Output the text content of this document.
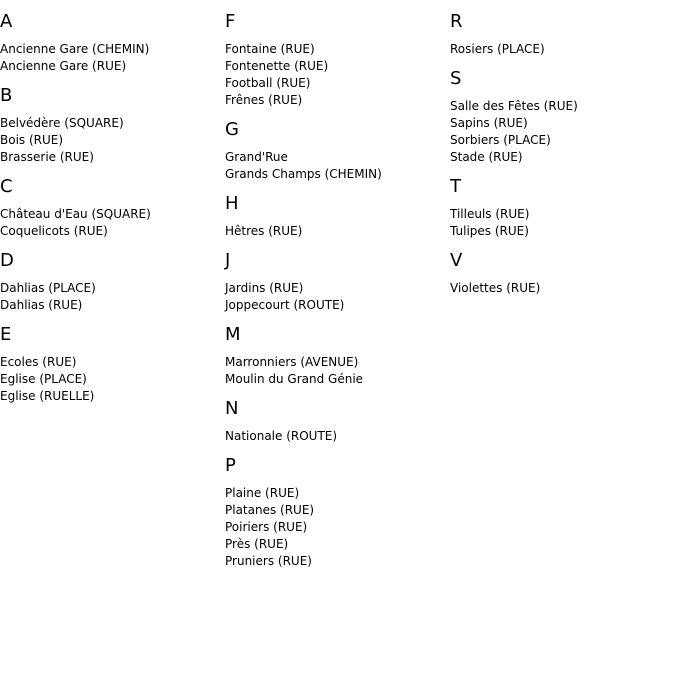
A
Ancienne Gare (CHEMIN)
Ancienne Gare (RUE)
B
Belvédère (SQUARE)
Bois (RUE)
Brasserie (RUE)
C
Château d'Eau (SQUARE)
Coquelicots (RUE)
D
Dahlias (PLACE)
Dahlias (RUE)
E
Ecoles (RUE)
Eglise (PLACE)
Eglise (RUELLE)
F
Fontaine (RUE)
Fontenette (RUE)
Football (RUE)
Frênes (RUE)
G
Grand'Rue
Grands Champs (CHEMIN)
H
Hêtres (RUE)
J
Jardins (RUE)
Joppecourt (ROUTE)
M
Marronniers (AVENUE)
Moulin du Grand Génie
N
Nationale (ROUTE)
P
Plaine (RUE)
Platanes (RUE)
Poiriers (RUE)
Près (RUE)
Pruniers (RUE)
R
Rosiers (PLACE)
S
Salle des Fêtes (RUE)
Sapins (RUE)
Sorbiers (PLACE)
Stade (RUE)
T
Tilleuls (RUE)
Tulipes (RUE)
V
Violettes (RUE)
